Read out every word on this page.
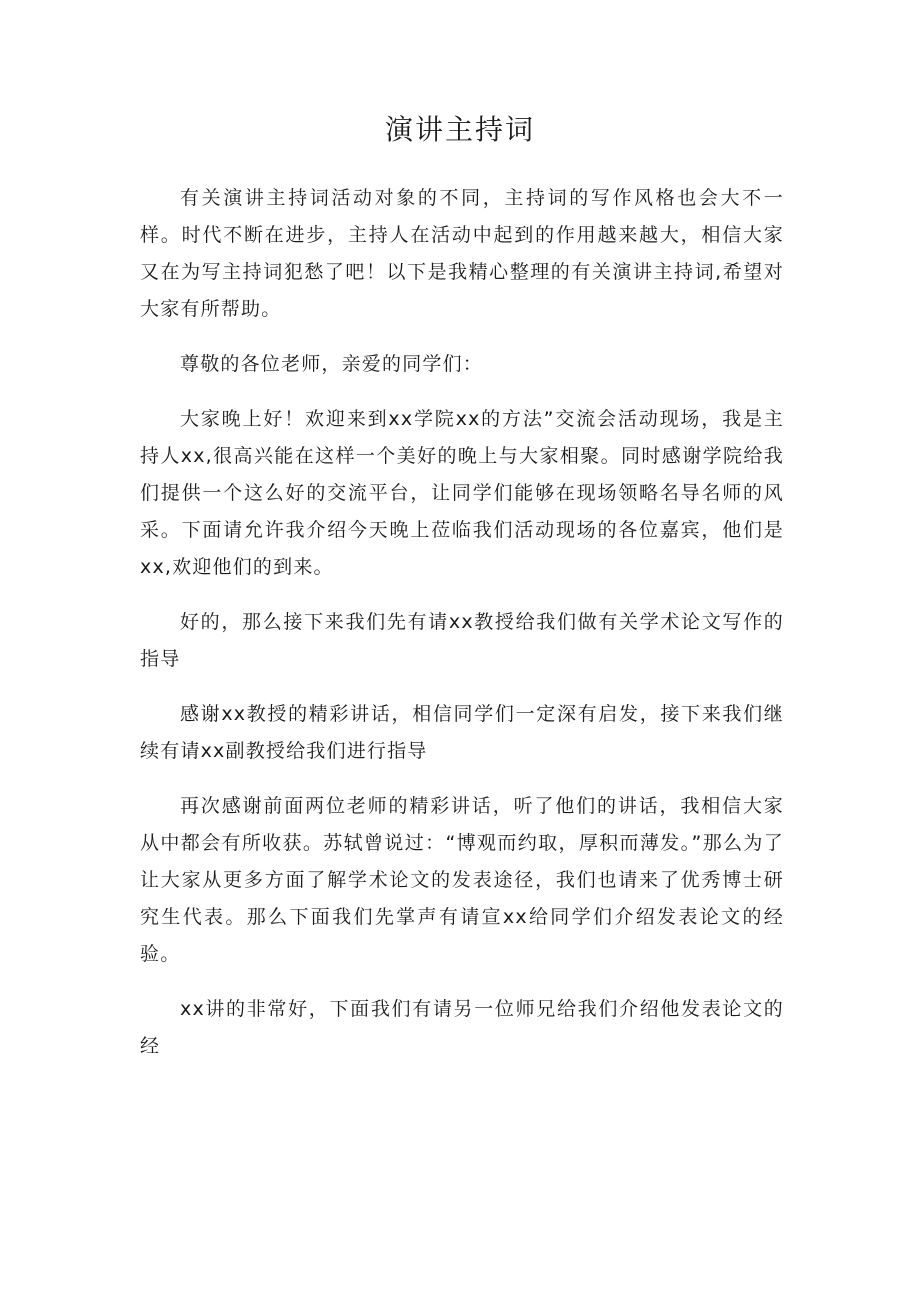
演讲主持词

有关演讲主持词活动对象的不同，主持词的写作风格也会大不一样。时代不断在进步，主持人在活动中起到的作用越来越大，相信大家又在为写主持词犯愁了吧！以下是我精心整理的有关演讲主持词,希望对大家有所帮助。

尊敬的各位老师，亲爱的同学们：

大家晚上好！欢迎来到xx学院xx的方法”交流会活动现场，我是主持人xx,很高兴能在这样一个美好的晚上与大家相聚。同时感谢学院给我们提供一个这么好的交流平台，让同学们能够在现场领略名导名师的风采。下面请允许我介绍今天晚上莅临我们活动现场的各位嘉宾，他们是xx,欢迎他们的到来。

好的，那么接下来我们先有请xx教授给我们做有关学术论文写作的指导

感谢xx教授的精彩讲话，相信同学们一定深有启发，接下来我们继续有请xx副教授给我们进行指导

再次感谢前面两位老师的精彩讲话，听了他们的讲话，我相信大家从中都会有所收获。苏轼曾说过：“博观而约取，厚积而薄发。”那么为了让大家从更多方面了解学术论文的发表途径，我们也请来了优秀博士研究生代表。那么下面我们先掌声有请宣xx给同学们介绍发表论文的经验。

xx讲的非常好，下面我们有请另一位师兄给我们介绍他发表论文的经
